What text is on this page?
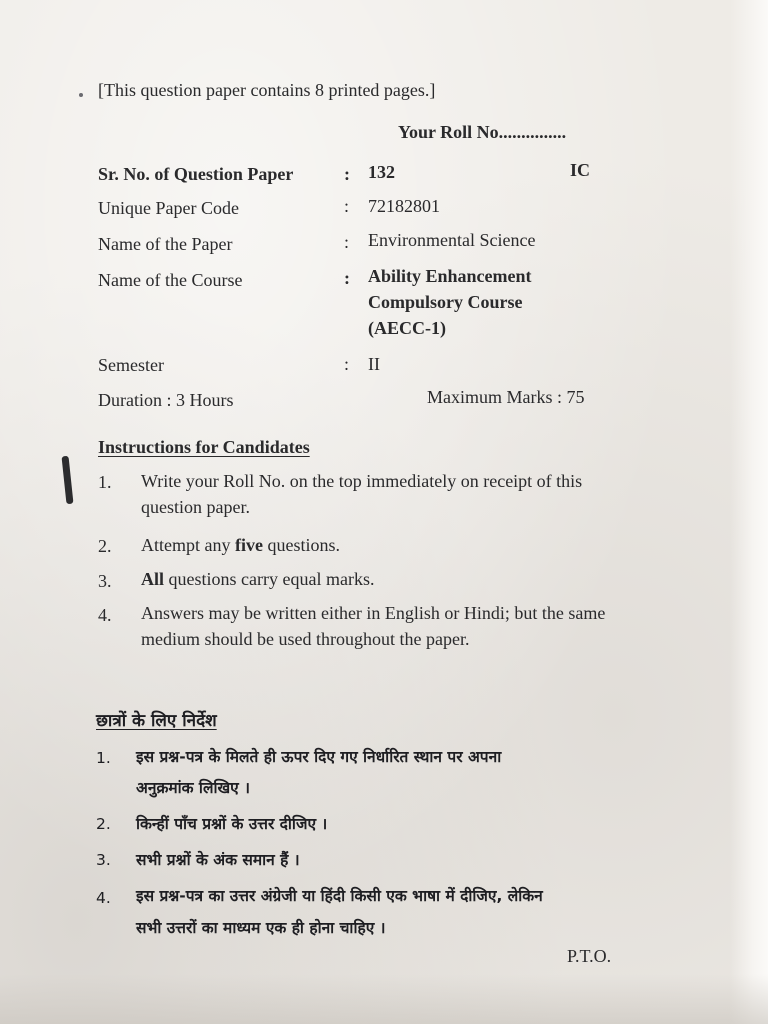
[This question paper contains 8 printed pages.]
Your Roll No...............
Sr. No. of Question Paper	: 132	IC
Unique Paper Code	: 72182801
Name of the Paper	: Environmental Science
Name of the Course	: Ability Enhancement
Compulsory Course
(AECC-1)
Semester	: II
Duration : 3 Hours	Maximum Marks : 75
Instructions for Candidates
1. Write your Roll No. on the top immediately on receipt of this question paper.
2. Attempt any five questions.
3. All questions carry equal marks.
4. Answers may be written either in English or Hindi; but the same medium should be used throughout the paper.
छात्रों के लिए निर्देश
1. इस प्रश्न-पत्र के मिलते ही ऊपर दिए गए निर्धारित स्थान पर अपना
अनुक्रमांक लिखिए ।
2. किन्हीं पाँच प्रश्नों के उत्तर दीजिए ।
3. सभी प्रश्नों के अंक समान हैं ।
4. इस प्रश्न-पत्र का उत्तर अंग्रेजी या हिंदी किसी एक भाषा में दीजिए, लेकिन
सभी उत्तरों का माध्यम एक ही होना चाहिए ।
P.T.O.
